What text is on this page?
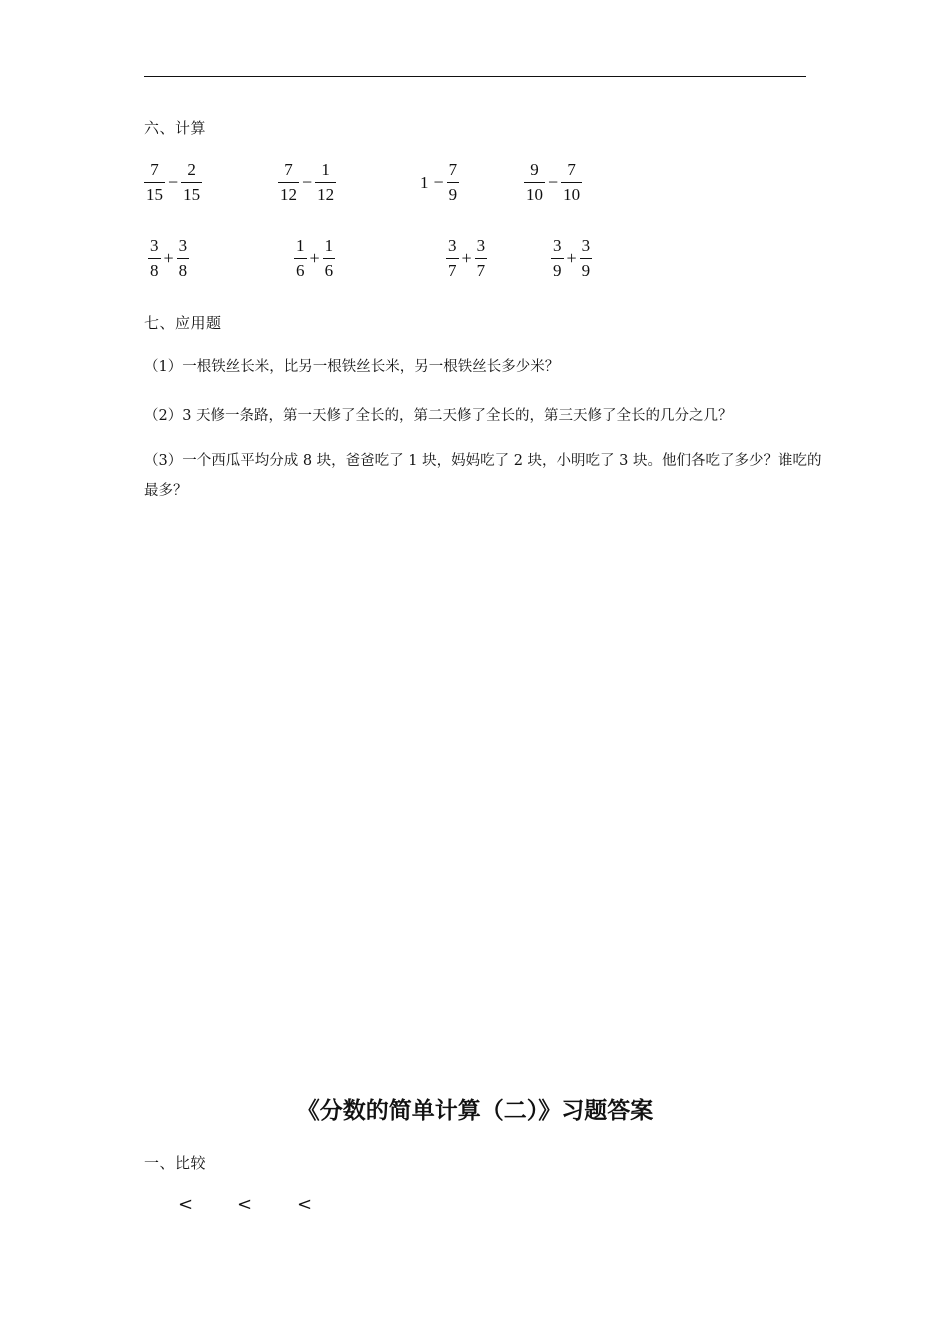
六、计算
$\frac{7}{15} - \frac{2}{15}$	$\frac{7}{12} - \frac{1}{12}$	$1 - \frac{7}{9}$	$\frac{9}{10} - \frac{7}{10}$
$\frac{3}{8} + \frac{3}{8}$	$\frac{1}{6} + \frac{1}{6}$	$\frac{3}{7} + \frac{3}{7}$	$\frac{3}{9} + \frac{3}{9}$
七、应用题
（1）一根铁丝长米，比另一根铁丝长米，另一根铁丝长多少米？
（2）3 天修一条路，第一天修了全长的，第二天修了全长的，第三天修了全长的几分之几？
（3）一个西瓜平均分成 8 块，爸爸吃了 1 块，妈妈吃了 2 块，小明吃了 3 块。他们各吃了多少？谁吃的最多？
《分数的简单计算（二）》习题答案
一、比较
< < <
